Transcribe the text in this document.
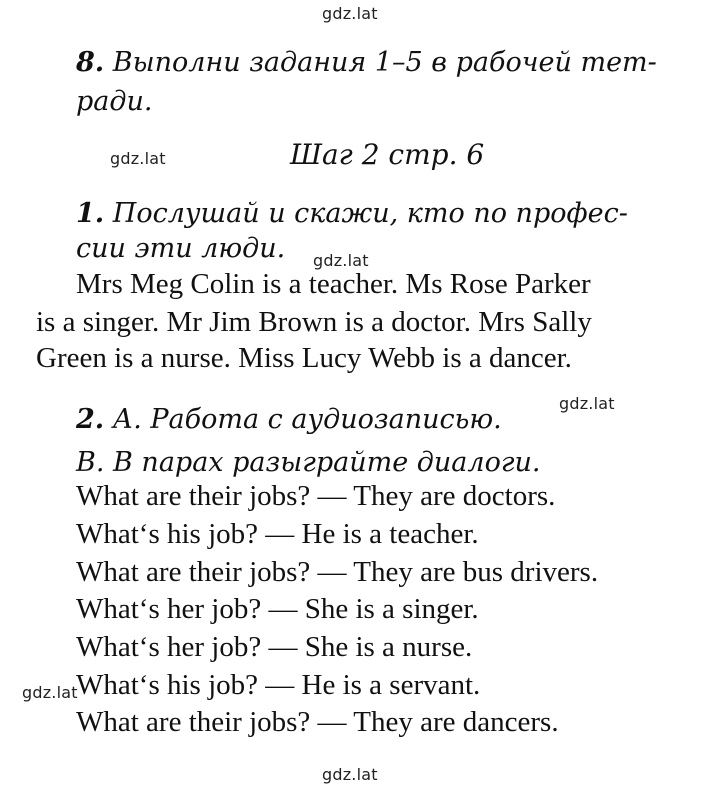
gdz.lat
gdz.lat
gdz.lat
gdz.lat
gdz.lat
gdz.lat
8. Выполни задания 1–5 в рабочей тет-
ради.
Шаг 2 стр. 6
1. Послушай и скажи, кто по профес-
сии эти люди.
Mrs Meg Colin is a teacher. Ms Rose Parker
is a singer. Mr Jim Brown is a doctor. Mrs Sally
Green is a nurse. Miss Lucy Webb is a dancer.
2. А. Работа с аудиозаписью.
В. В парах разыграйте диалоги.
What are their jobs? — They are doctors.
What‘s his job? — He is a teacher.
What are their jobs? — They are bus drivers.
What‘s her job? — She is a singer.
What‘s her job? — She is a nurse.
What‘s his job? — He is a servant.
What are their jobs? — They are dancers.
